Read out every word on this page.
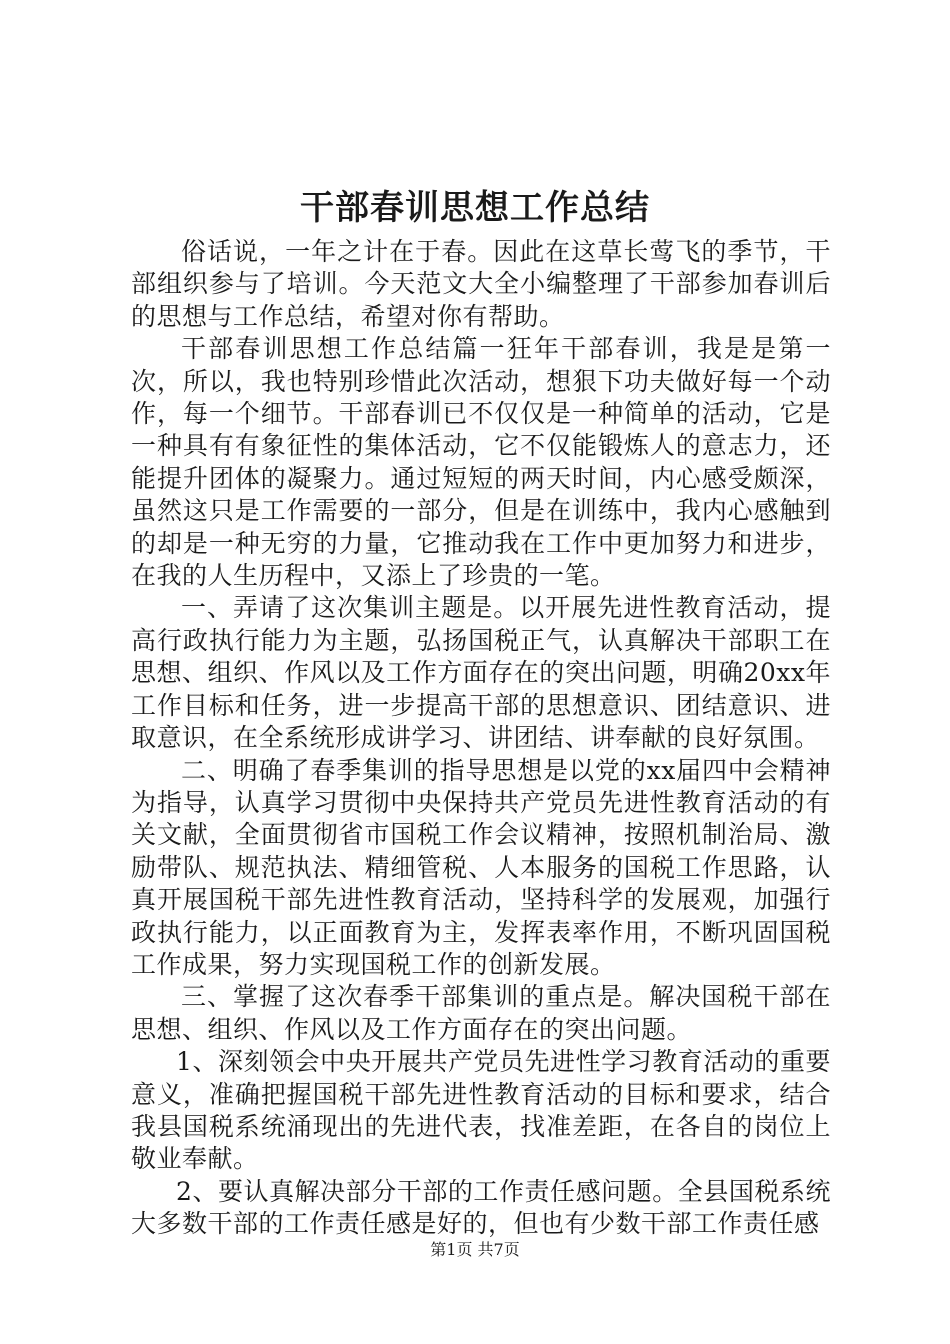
干部春训思想工作总结

俗话说，一年之计在于春。因此在这草长莺飞的季节，干部组织参与了培训。今天范文大全小编整理了干部参加春训后的思想与工作总结，希望对你有帮助。

干部春训思想工作总结篇一狂年干部春训，我是是第一次，所以，我也特别珍惜此次活动，想狠下功夫做好每一个动作，每一个细节。干部春训已不仅仅是一种简单的活动，它是一种具有有象征性的集体活动，它不仅能锻炼人的意志力，还能提升团体的凝聚力。通过短短的两天时间，内心感受颇深，虽然这只是工作需要的一部分，但是在训练中，我内心感触到的却是一种无穷的力量，它推动我在工作中更加努力和进步，在我的人生历程中，又添上了珍贵的一笔。

一、弄请了这次集训主题是。以开展先进性教育活动，提高行政执行能力为主题，弘扬国税正气，认真解决干部职工在思想、组织、作风以及工作方面存在的突出问题，明确20xx年工作目标和任务，进一步提高干部的思想意识、团结意识、进取意识，在全系统形成讲学习、讲团结、讲奉献的良好氛围。

二、明确了春季集训的指导思想是以党的xx届四中会精神为指导，认真学习贯彻中央保持共产党员先进性教育活动的有关文献，全面贯彻省市国税工作会议精神，按照机制治局、激励带队、规范执法、精细管税、人本服务的国税工作思路，认真开展国税干部先进性教育活动，坚持科学的发展观，加强行政执行能力，以正面教育为主，发挥表率作用，不断巩固国税工作成果，努力实现国税工作的创新发展。

三、掌握了这次春季干部集训的重点是。解决国税干部在思想、组织、作风以及工作方面存在的突出问题。

1、深刻领会中央开展共产党员先进性学习教育活动的重要意义，准确把握国税干部先进性教育活动的目标和要求，结合我县国税系统涌现出的先进代表，找准差距，在各自的岗位上敬业奉献。

2、要认真解决部分干部的工作责任感问题。全县国税系统大多数干部的工作责任感是好的，但也有少数干部工作责任感

第1页 共7页
